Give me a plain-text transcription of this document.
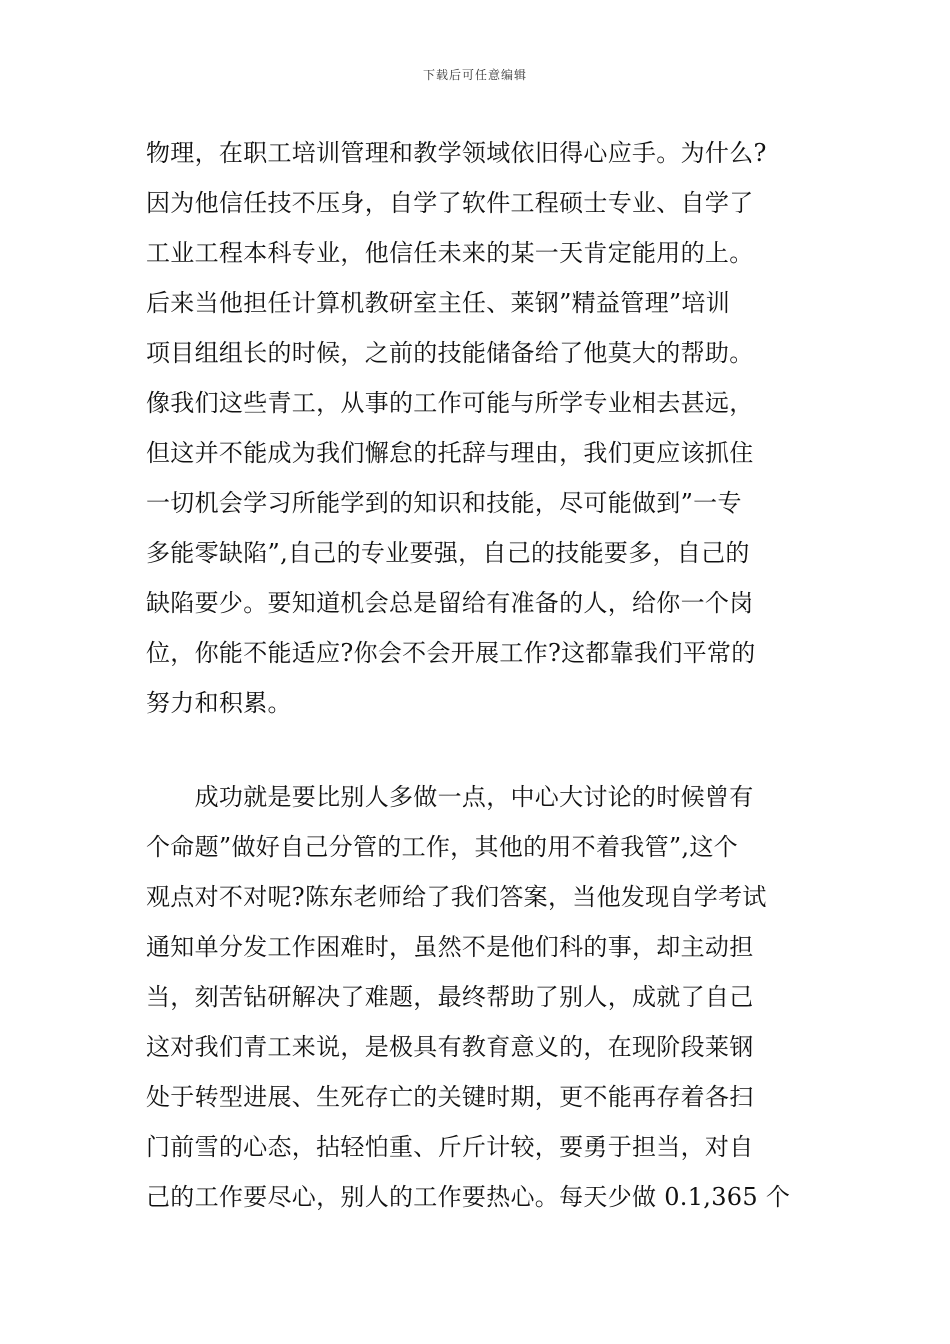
下载后可任意编辑
物理，在职工培训管理和教学领域依旧得心应手。为什么?
因为他信任技不压身，自学了软件工程硕士专业、自学了
工业工程本科专业，他信任未来的某一天肯定能用的上。
后来当他担任计算机教研室主任、莱钢”精益管理”培训
项目组组长的时候，之前的技能储备给了他莫大的帮助。
像我们这些青工，从事的工作可能与所学专业相去甚远，
但这并不能成为我们懈怠的托辞与理由，我们更应该抓住
一切机会学习所能学到的知识和技能，尽可能做到”一专
多能零缺陷”,自己的专业要强，自己的技能要多，自己的
缺陷要少。要知道机会总是留给有准备的人，给你一个岗
位，你能不能适应?你会不会开展工作?这都靠我们平常的
努力和积累。
　　成功就是要比别人多做一点，中心大讨论的时候曾有
个命题”做好自己分管的工作，其他的用不着我管”,这个
观点对不对呢?陈东老师给了我们答案，当他发现自学考试
通知单分发工作困难时，虽然不是他们科的事，却主动担
当，刻苦钻研解决了难题，最终帮助了别人，成就了自己
这对我们青工来说，是极具有教育意义的，在现阶段莱钢
处于转型进展、生死存亡的关键时期，更不能再存着各扫
门前雪的心态，拈轻怕重、斤斤计较，要勇于担当，对自
己的工作要尽心，别人的工作要热心。每天少做 0.1,365 个
